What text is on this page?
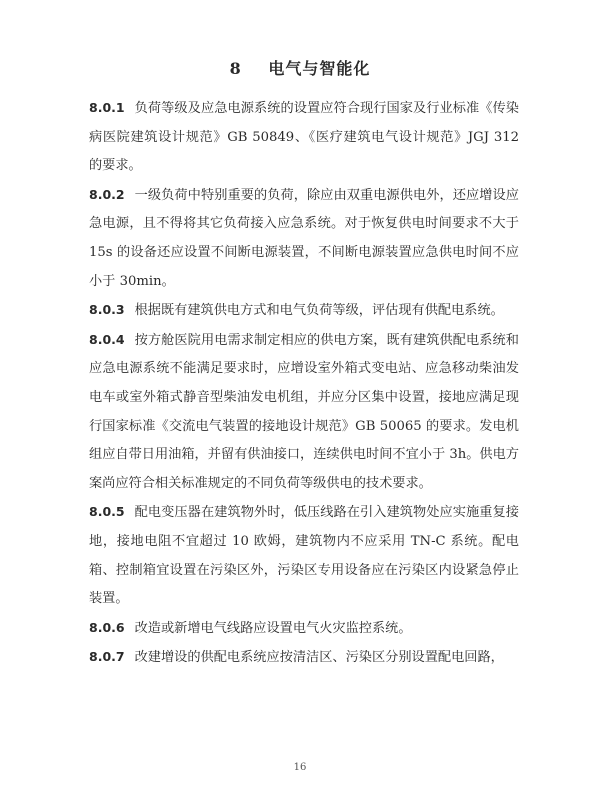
8 电气与智能化

8.0.1 负荷等级及应急电源系统的设置应符合现行国家及行业标准《传染病医院建筑设计规范》GB 50849、《医疗建筑电气设计规范》JGJ 312 的要求。

8.0.2 一级负荷中特别重要的负荷，除应由双重电源供电外，还应增设应急电源，且不得将其它负荷接入应急系统。对于恢复供电时间要求不大于 15s 的设备还应设置不间断电源装置，不间断电源装置应急供电时间不应小于 30min。

8.0.3 根据既有建筑供电方式和电气负荷等级，评估现有供配电系统。

8.0.4 按方舱医院用电需求制定相应的供电方案，既有建筑供配电系统和应急电源系统不能满足要求时，应增设室外箱式变电站、应急移动柴油发电车或室外箱式静音型柴油发电机组，并应分区集中设置，接地应满足现行国家标准《交流电气装置的接地设计规范》GB 50065 的要求。发电机组应自带日用油箱，并留有供油接口，连续供电时间不宜小于 3h。供电方案尚应符合相关标准规定的不同负荷等级供电的技术要求。

8.0.5 配电变压器在建筑物外时，低压线路在引入建筑物处应实施重复接地，接地电阻不宜超过 10 欧姆，建筑物内不应采用 TN-C 系统。配电箱、控制箱宜设置在污染区外，污染区专用设备应在污染区内设紧急停止装置。

8.0.6 改造或新增电气线路应设置电气火灾监控系统。

8.0.7 改建增设的供配电系统应按清洁区、污染区分别设置配电回路，

16
